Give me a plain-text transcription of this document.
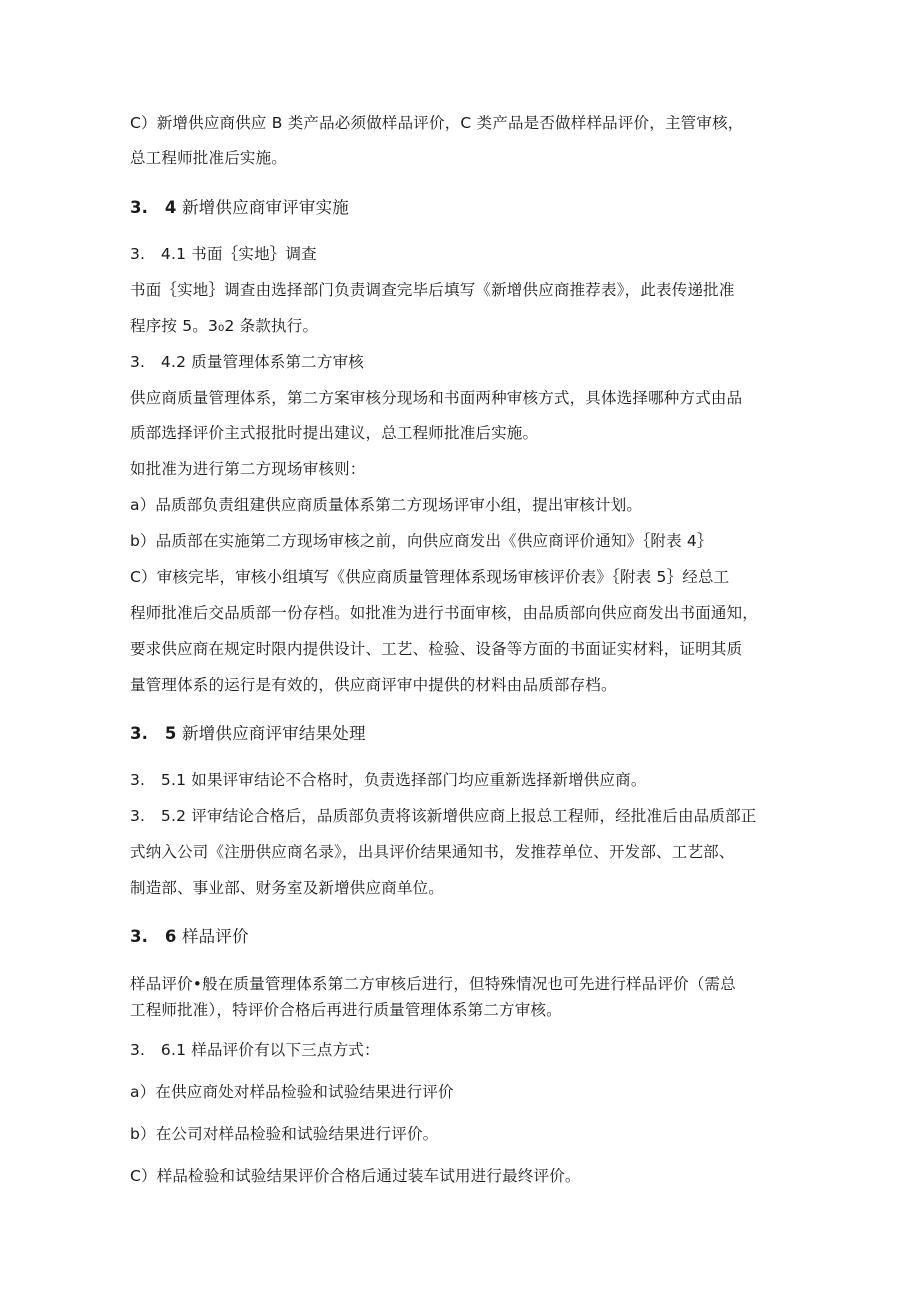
C）新增供应商供应 B 类产品必须做样品评价，C 类产品是否做样样品评价，主管审核，
总工程师批准后实施。
3.　4 新增供应商审评审实施
3.　4.1 书面｛实地｝调查
书面｛实地｝调查由选择部门负责调查完毕后填写《新增供应商推荐表》，此表传递批准
程序按 5。3₀2 条款执行。
3.　4.2 质量管理体系第二方审核
供应商质量管理体系，第二方案审核分现场和书面两种审核方式，具体选择哪种方式由品
质部选择评价主式报批时提出建议，总工程师批准后实施。
如批准为进行第二方现场审核则：
a）品质部负责组建供应商质量体系第二方现场评审小组，提出审核计划。
b）品质部在实施第二方现场审核之前，向供应商发出《供应商评价通知》｛附表 4｝
C）审核完毕，审核小组填写《供应商质量管理体系现场审核评价表》｛附表 5｝经总工
程师批准后交品质部一份存档。如批准为进行书面审核，由品质部向供应商发出书面通知，
要求供应商在规定时限内提供设计、工艺、检验、设备等方面的书面证实材料，证明其质
量管理体系的运行是有效的，供应商评审中提供的材料由品质部存档。
3.　5 新增供应商评审结果处理
3.　5.1 如果评审结论不合格时，负责选择部门均应重新选择新增供应商。
3.　5.2 评审结论合格后，品质部负责将该新增供应商上报总工程师，经批准后由品质部正
式纳入公司《注册供应商名录》，出具评价结果通知书，发推荐单位、开发部、工艺部、
制造部、事业部、财务室及新增供应商单位。
3.　6 样品评价
样品评价•般在质量管理体系第二方审核后进行，但特殊情况也可先进行样品评价（需总
工程师批准），特评价合格后再进行质量管理体系第二方审核。
3.　6.1 样品评价有以下三点方式：
a）在供应商处对样品检验和试验结果进行评价
b）在公司对样品检验和试验结果进行评价。
C）样品检验和试验结果评价合格后通过装车试用进行最终评价。
